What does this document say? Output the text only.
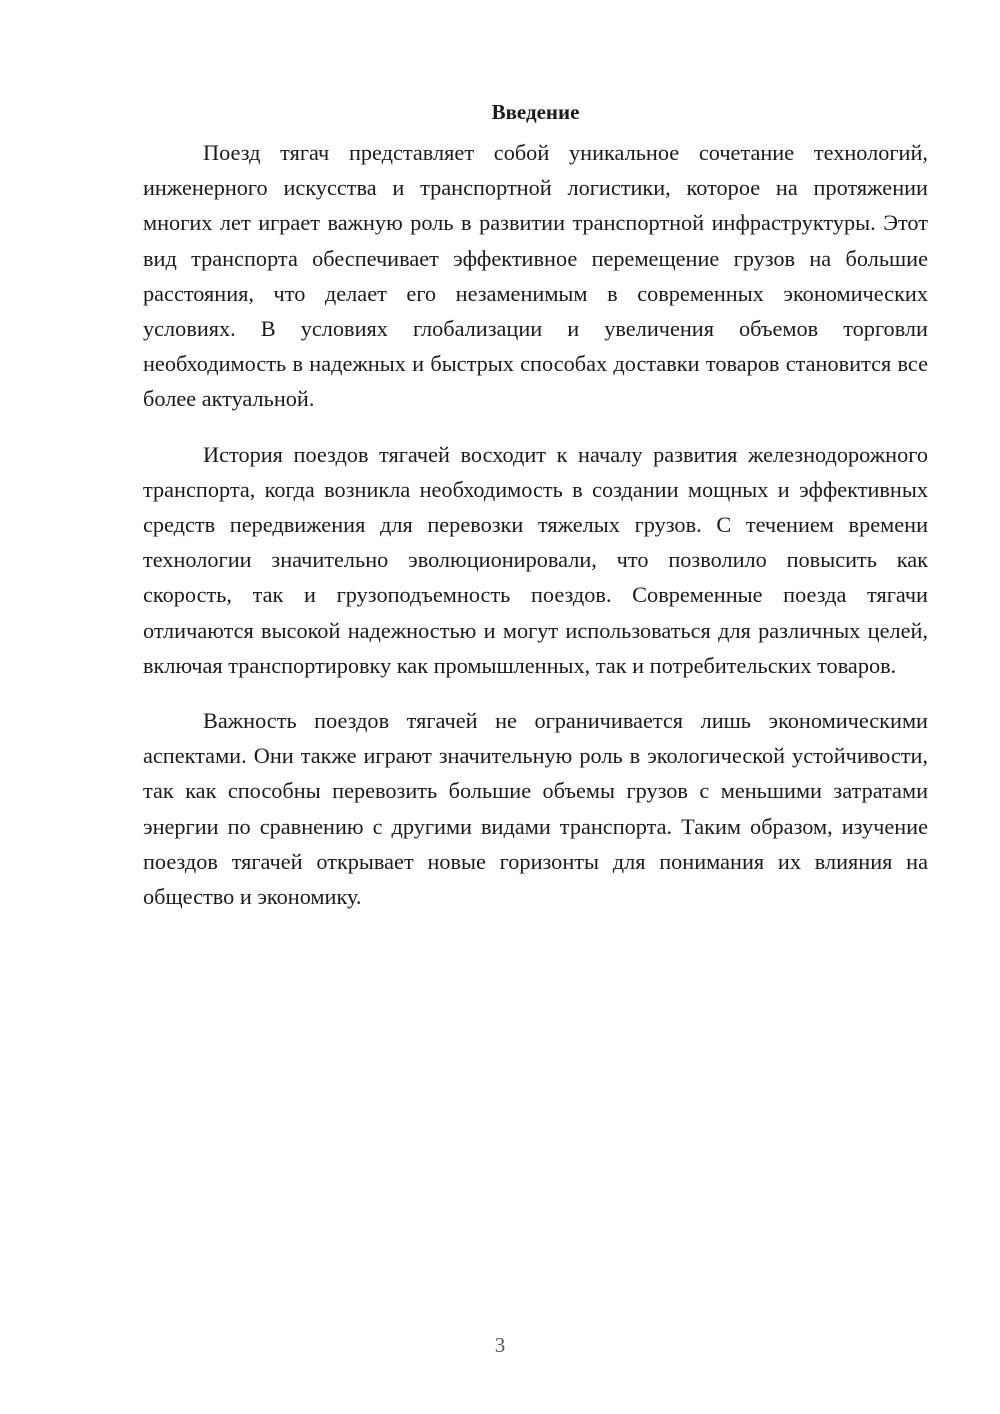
Введение

Поезд тягач представляет собой уникальное сочетание технологий, инженерного искусства и транспортной логистики, которое на протяжении многих лет играет важную роль в развитии транспортной инфраструктуры. Этот вид транспорта обеспечивает эффективное перемещение грузов на большие расстояния, что делает его незаменимым в современных экономических условиях. В условиях глобализации и увеличения объемов торговли необходимость в надежных и быстрых способах доставки товаров становится все более актуальной.

История поездов тягачей восходит к началу развития железнодорожного транспорта, когда возникла необходимость в создании мощных и эффективных средств передвижения для перевозки тяжелых грузов. С течением времени технологии значительно эволюционировали, что позволило повысить как скорость, так и грузоподъемность поездов. Современные поезда тягачи отличаются высокой надежностью и могут использоваться для различных целей, включая транспортировку как промышленных, так и потребительских товаров.

Важность поездов тягачей не ограничивается лишь экономическими аспектами. Они также играют значительную роль в экологической устойчивости, так как способны перевозить большие объемы грузов с меньшими затратами энергии по сравнению с другими видами транспорта. Таким образом, изучение поездов тягачей открывает новые горизонты для понимания их влияния на общество и экономику.

3
